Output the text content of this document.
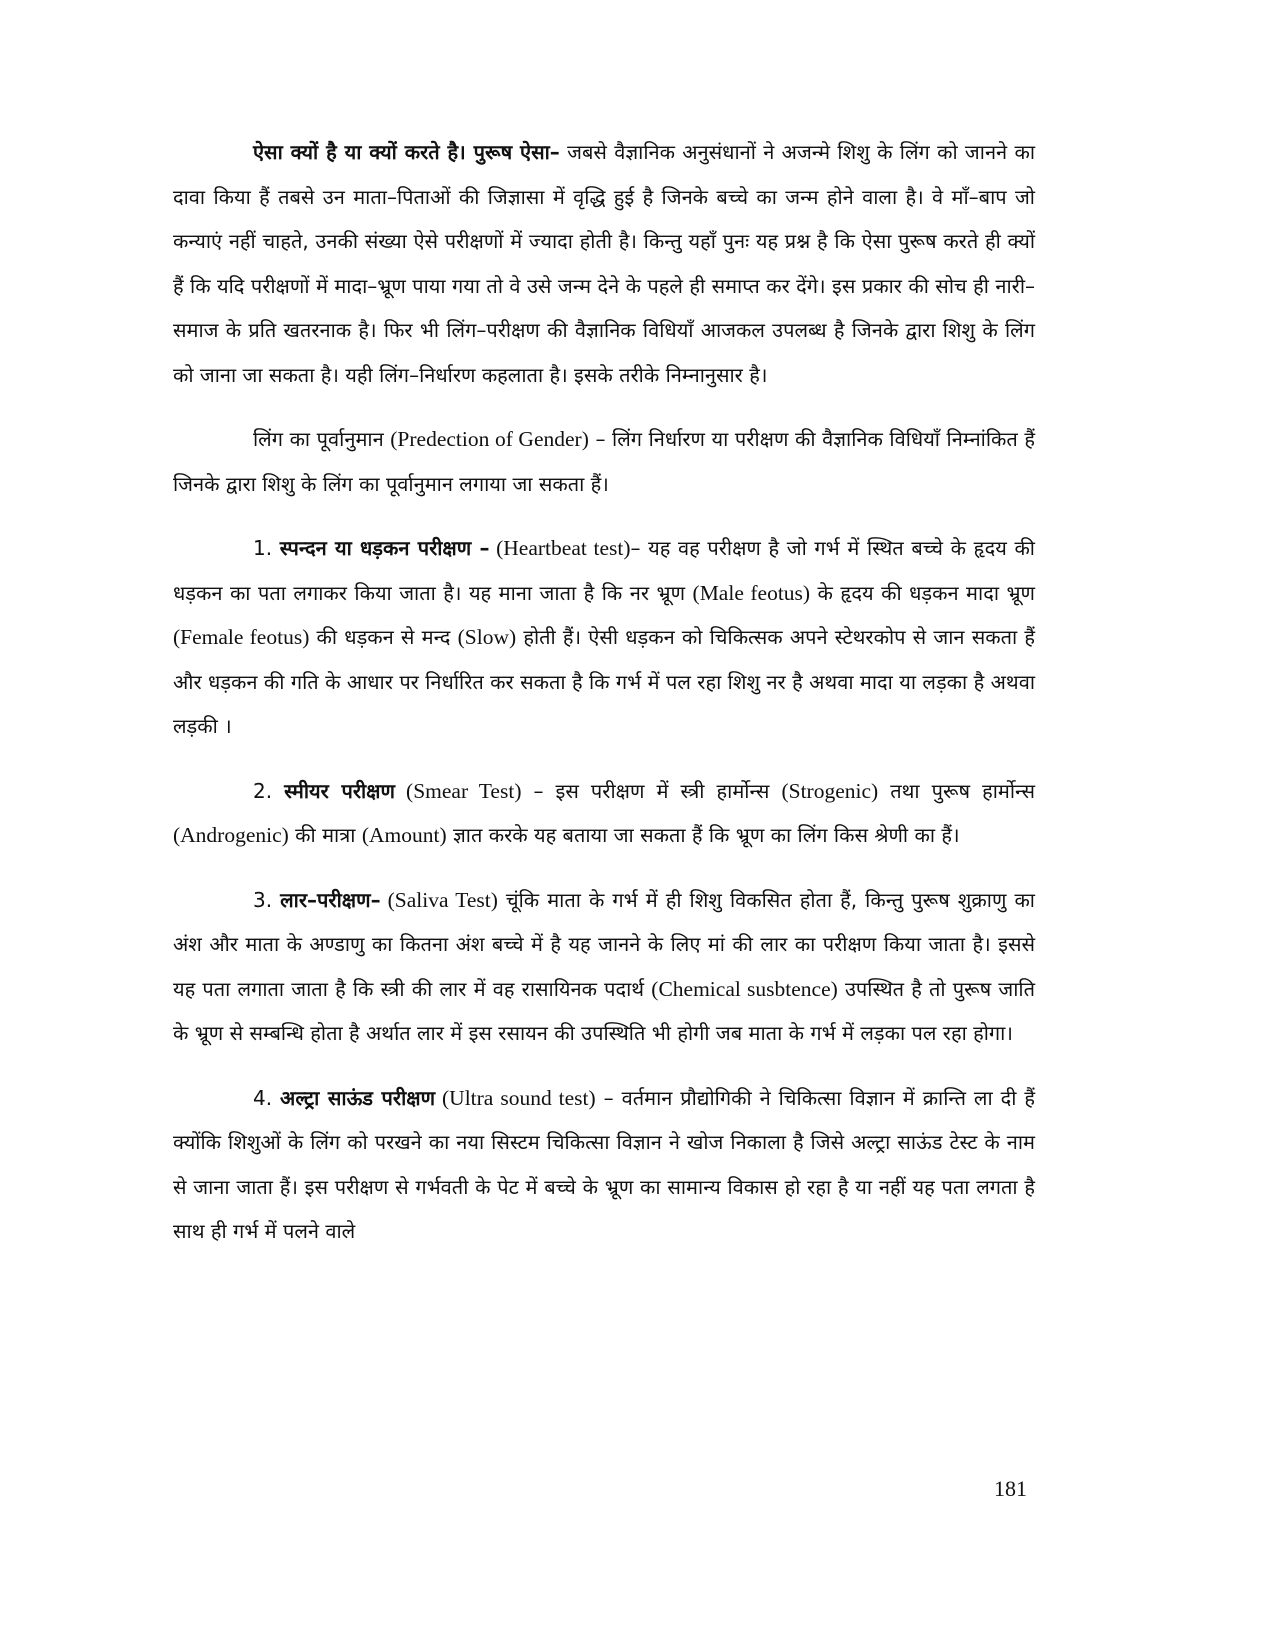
ऐसा क्यों है या क्यों करते है। पुरूष ऐसा– जबसे वैज्ञानिक अनुसंधानों ने अजन्मे शिशु के लिंग को जानने का दावा किया हैं तबसे उन माता–पिताओं की जिज्ञासा में वृद्धि हुई है जिनके बच्चे का जन्म होने वाला है। वे माँ–बाप जो कन्याएं नहीं चाहते, उनकी संख्या ऐसे परीक्षणों में ज्यादा होती है। किन्तु यहाँ पुनः यह प्रश्न है कि ऐसा पुरूष करते ही क्यों हैं कि यदि परीक्षणों में मादा–भ्रूण पाया गया तो वे उसे जन्म देने के पहले ही समाप्त कर देंगे। इस प्रकार की सोच ही नारी–समाज के प्रति खतरनाक है। फिर भी लिंग–परीक्षण की वैज्ञानिक विधियाँ आजकल उपलब्ध है जिनके द्वारा शिशु के लिंग को जाना जा सकता है। यही लिंग–निर्धारण कहलाता है। इसके तरीके निम्नानुसार है।

लिंग का पूर्वानुमान (Predection of Gender) – लिंग निर्धारण या परीक्षण की वैज्ञानिक विधियाँ निम्नांकित हैं जिनके द्वारा शिशु के लिंग का पूर्वानुमान लगाया जा सकता हैं।

1. स्पन्दन या धड़कन परीक्षण – (Heartbeat test)– यह वह परीक्षण है जो गर्भ में स्थित बच्चे के हृदय की धड़कन का पता लगाकर किया जाता है। यह माना जाता है कि नर भ्रूण (Male feotus) के हृदय की धड़कन मादा भ्रूण (Female feotus) की धड़कन से मन्द (Slow) होती हैं। ऐसी धड़कन को चिकित्सक अपने स्टेथरकोप से जान सकता हैं और धड़कन की गति के आधार पर निर्धारित कर सकता है कि गर्भ में पल रहा शिशु नर है अथवा मादा या लड़का है अथवा लड़की ।

2. स्मीयर परीक्षण (Smear Test) – इस परीक्षण में स्त्री हार्मोन्स (Strogenic) तथा पुरूष हार्मोन्स (Androgenic) की मात्रा (Amount) ज्ञात करके यह बताया जा सकता हैं कि भ्रूण का लिंग किस श्रेणी का हैं।

3. लार–परीक्षण– (Saliva Test) चूंकि माता के गर्भ में ही शिशु विकसित होता हैं, किन्तु पुरूष शुक्राणु का अंश और माता के अण्डाणु का कितना अंश बच्चे में है यह जानने के लिए मां की लार का परीक्षण किया जाता है। इससे यह पता लगाता जाता है कि स्त्री की लार में वह रासायिनक पदार्थ (Chemical susbtence) उपस्थित है तो पुरूष जाति के भ्रूण से सम्बन्धि होता है अर्थात लार में इस रसायन की उपस्थिति भी होगी जब माता के गर्भ में लड़का पल रहा होगा।

4. अल्ट्रा साऊंड परीक्षण (Ultra sound test) – वर्तमान प्रौद्योगिकी ने चिकित्सा विज्ञान में क्रान्ति ला दी हैं क्योंकि शिशुओं के लिंग को परखने का नया सिस्टम चिकित्सा विज्ञान ने खोज निकाला है जिसे अल्ट्रा साऊंड टेस्ट के नाम से जाना जाता हैं। इस परीक्षण से गर्भवती के पेट में बच्चे के भ्रूण का सामान्य विकास हो रहा है या नहीं यह पता लगता है साथ ही गर्भ में पलने वाले

181
